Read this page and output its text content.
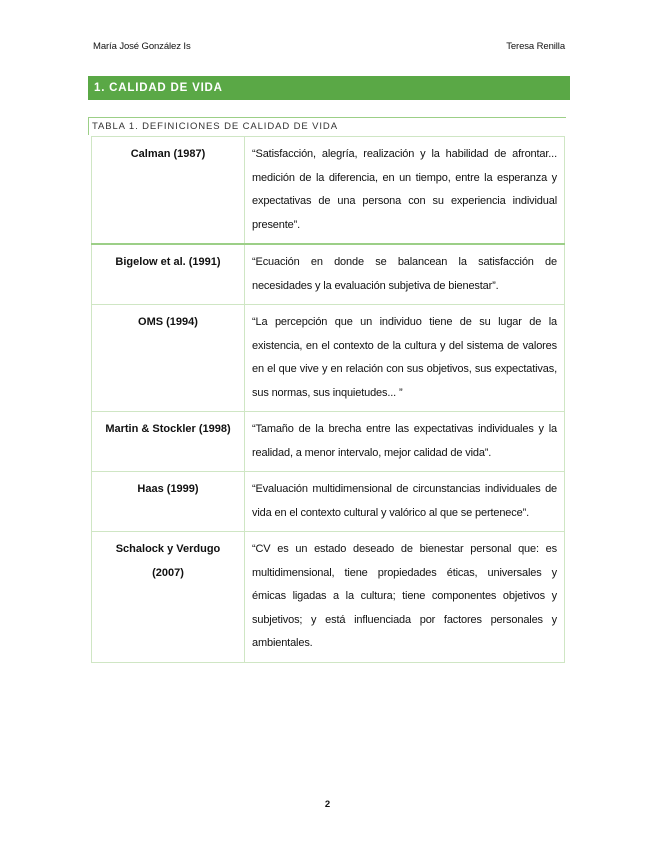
María José González Is	Teresa Renilla
1. CALIDAD DE VIDA
TABLA 1. DEFINICIONES DE CALIDAD DE VIDA
Calman (1987)	“Satisfacción, alegría, realización y la habilidad de afrontar... medición de la diferencia, en un tiempo, entre la esperanza y expectativas de una persona con su experiencia individual presente”.
Bigelow et al. (1991)	“Ecuación en donde se balancean la satisfacción de necesidades y la evaluación subjetiva de bienestar”.
OMS (1994)	“La percepción que un individuo tiene de su lugar de la existencia, en el contexto de la cultura y del sistema de valores en el que vive y en relación con sus objetivos, sus expectativas, sus normas, sus inquietudes... ”
Martin & Stockler (1998)	“Tamaño de la brecha entre las expectativas individuales y la realidad, a menor intervalo, mejor calidad de vida”.
Haas (1999)	“Evaluación multidimensional de circunstancias individuales de vida en el contexto cultural y valórico al que se pertenece”.
Schalock y Verdugo (2007)	“CV es un estado deseado de bienestar personal que: es multidimensional, tiene propiedades éticas, universales y émicas ligadas a la cultura; tiene componentes objetivos y subjetivos; y está influenciada por factores personales y ambientales.
2
